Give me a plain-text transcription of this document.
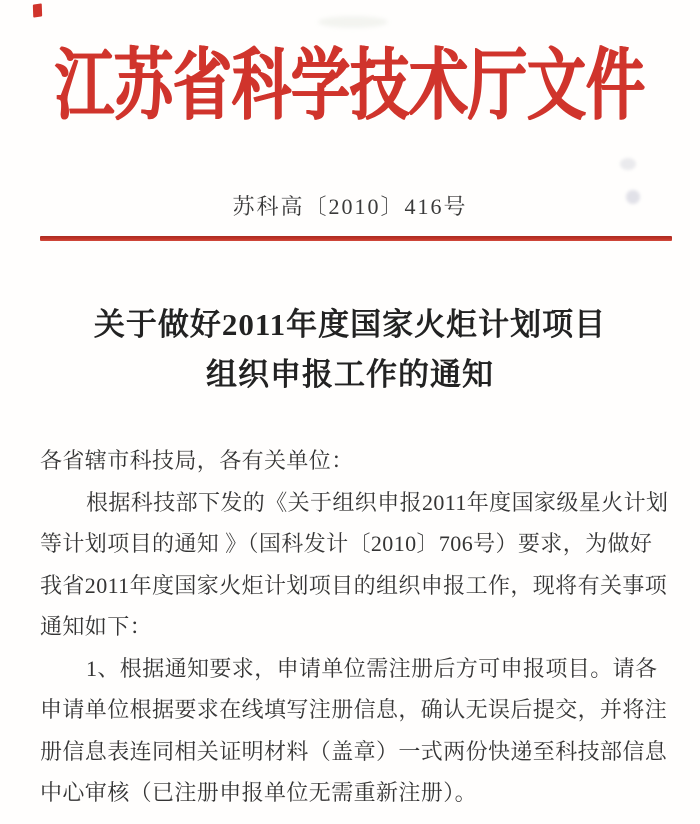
江苏省科学技术厅文件
苏科高〔2010〕416号
关于做好2011年度国家火炬计划项目
组织申报工作的通知

各省辖市科技局，各有关单位：

根据科技部下发的《关于组织申报2011年度国家级星火计划

等计划项目的通知 》（国科发计〔2010〕706号）要求，为做好

我省2011年度国家火炬计划项目的组织申报工作，现将有关事项

通知如下：

1、根据通知要求，申请单位需注册后方可申报项目。请各

申请单位根据要求在线填写注册信息，确认无误后提交，并将注

册信息表连同相关证明材料（盖章）一式两份快递至科技部信息

中心审核（已注册申报单位无需重新注册）。
